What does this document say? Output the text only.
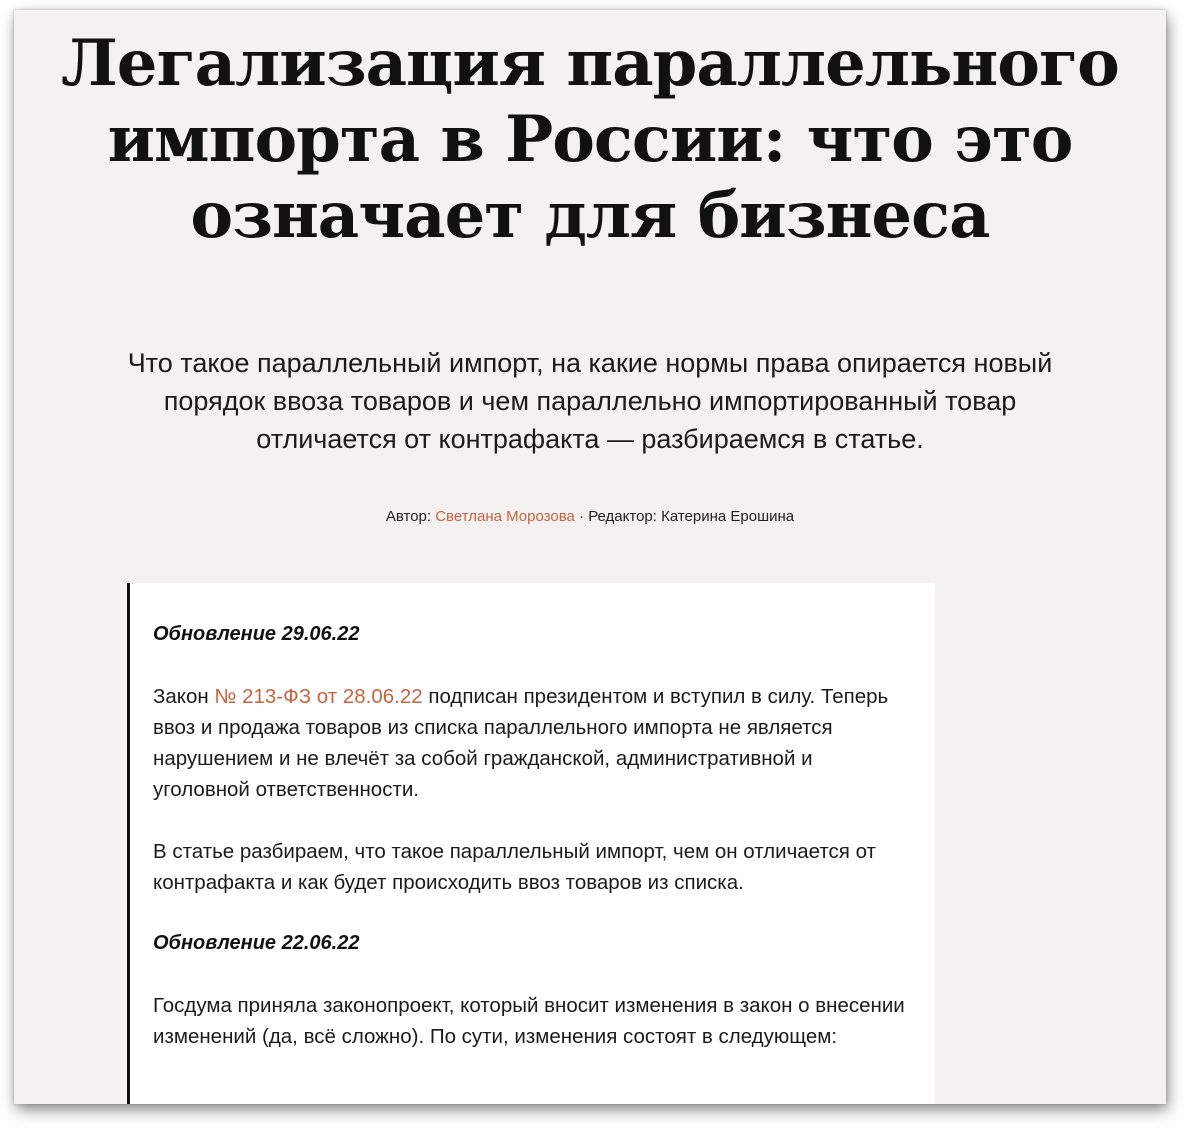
Легализация параллельного импорта в России: что это означает для бизнеса

Что такое параллельный импорт, на какие нормы права опирается новый порядок ввоза товаров и чем параллельно импортированный товар отличается от контрафакта — разбираемся в статье.

Автор: Светлана Морозова · Редактор: Катерина Ерошина

Обновление 29.06.22

Закон № 213-ФЗ от 28.06.22 подписан президентом и вступил в силу. Теперь ввоз и продажа товаров из списка параллельного импорта не является нарушением и не влечёт за собой гражданской, административной и уголовной ответственности.

В статье разбираем, что такое параллельный импорт, чем он отличается от контрафакта и как будет происходить ввоз товаров из списка.

Обновление 22.06.22

Госдума приняла законопроект, который вносит изменения в закон о внесении изменений (да, всё сложно). По сути, изменения состоят в следующем:
